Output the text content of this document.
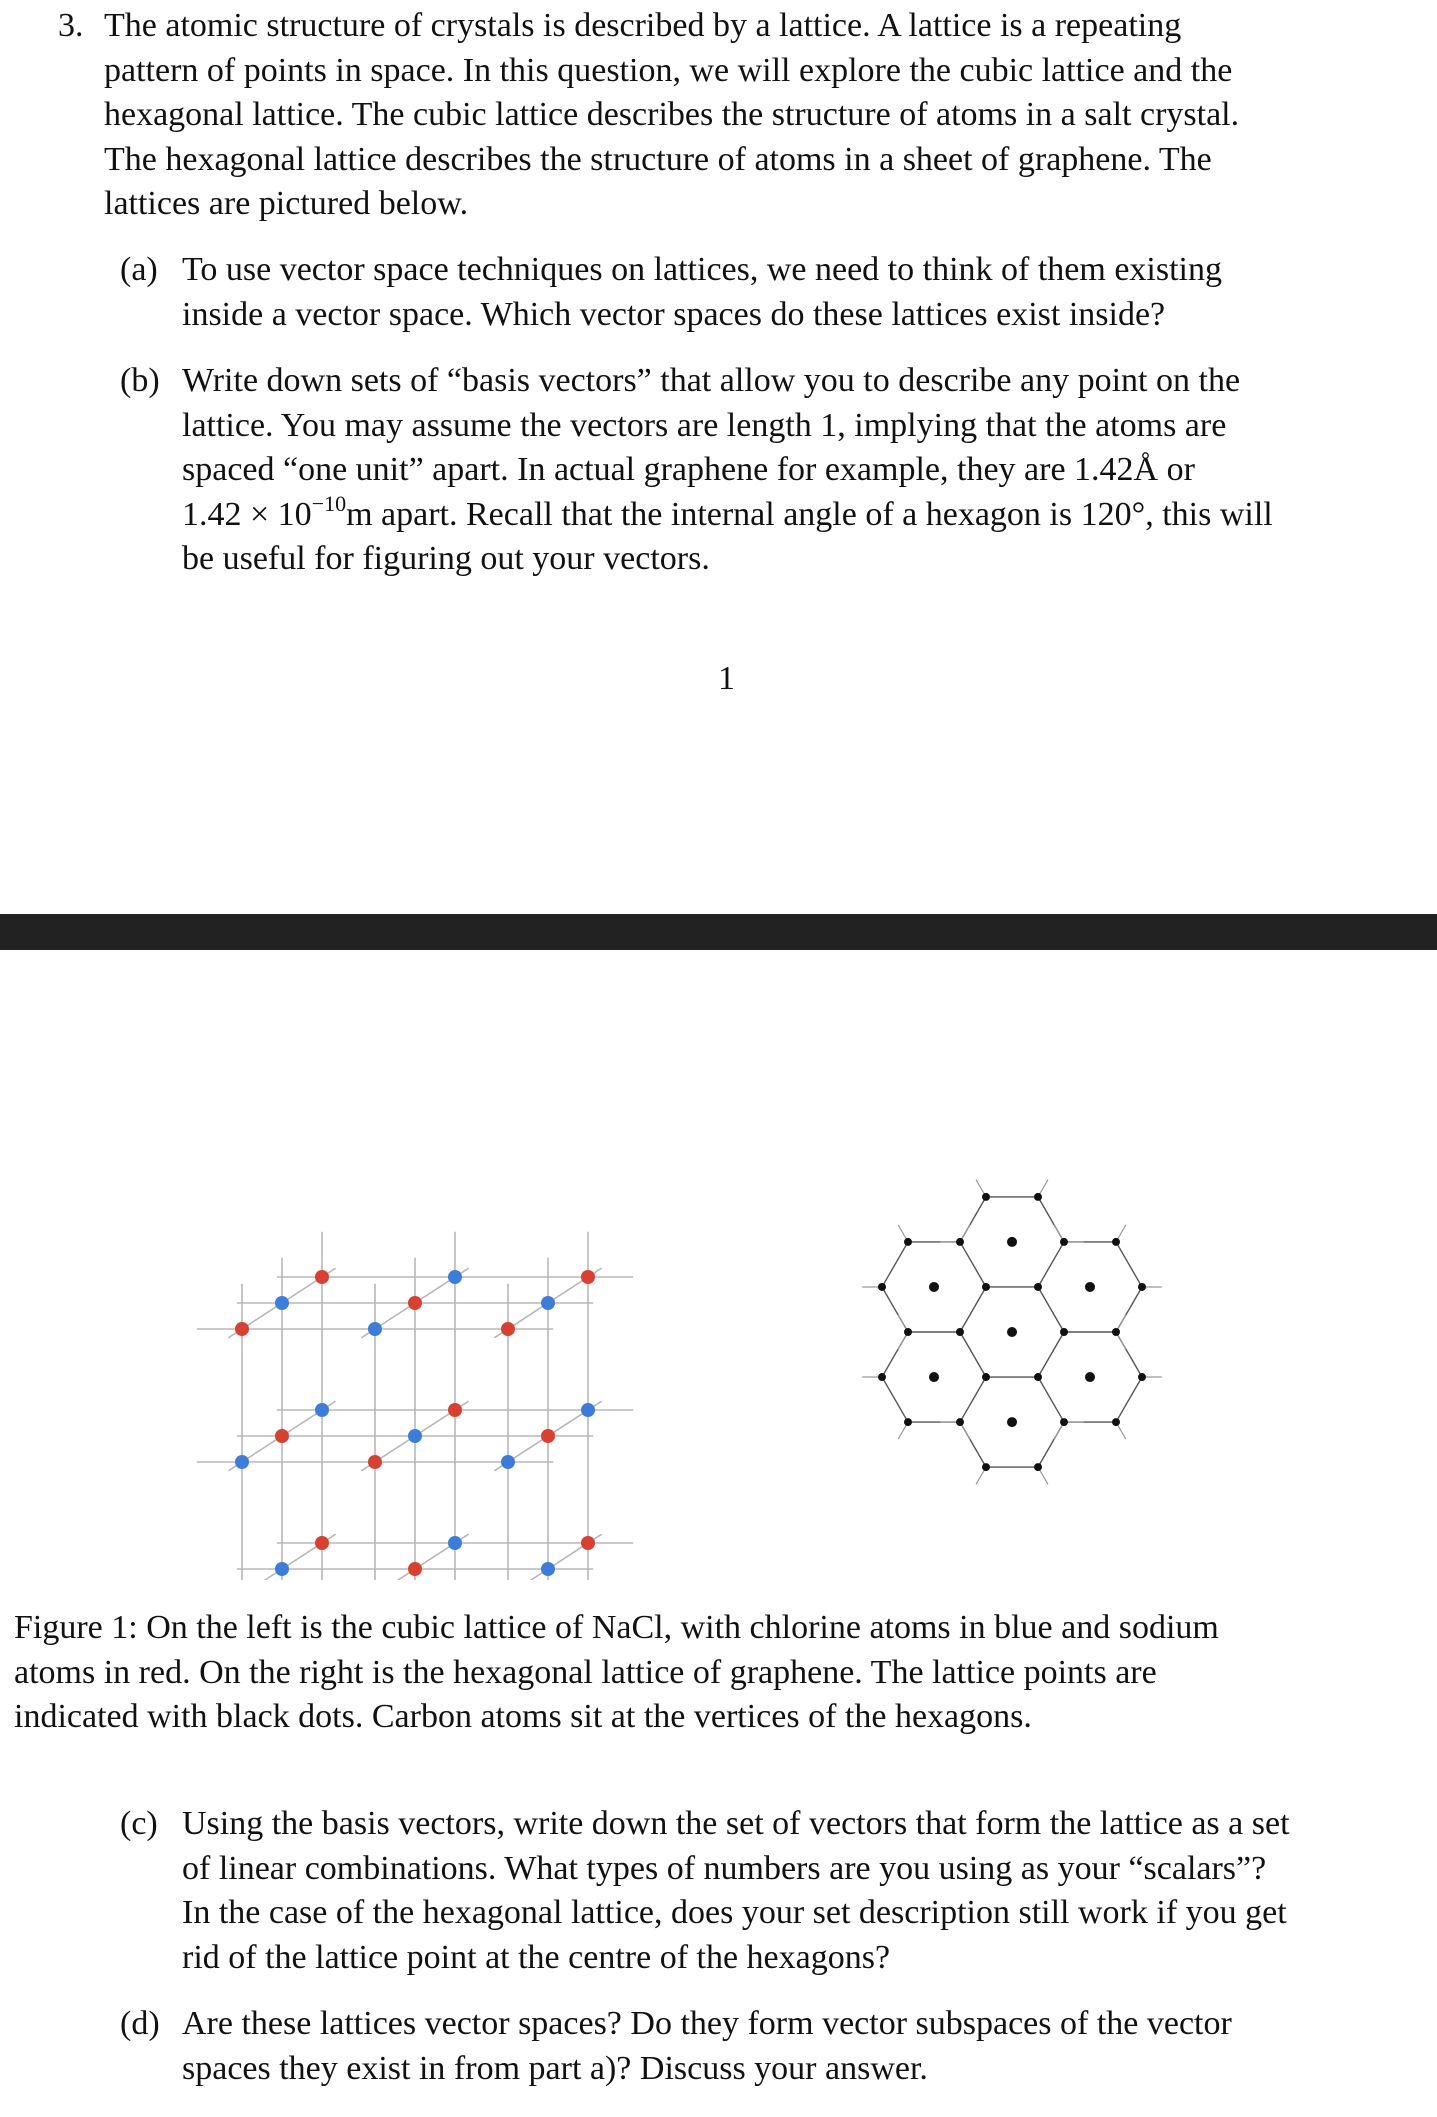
3. The atomic structure of crystals is described by a lattice. A lattice is a repeating
pattern of points in space. In this question, we will explore the cubic lattice and the
hexagonal lattice. The cubic lattice describes the structure of atoms in a salt crystal.
The hexagonal lattice describes the structure of atoms in a sheet of graphene. The
lattices are pictured below.
(a) To use vector space techniques on lattices, we need to think of them existing
inside a vector space. Which vector spaces do these lattices exist inside?
(b) Write down sets of “basis vectors” that allow you to describe any point on the
lattice. You may assume the vectors are length 1, implying that the atoms are
spaced “one unit” apart. In actual graphene for example, they are 1.42Å or
$1.42 \times 10^{-10}m$ apart. Recall that the internal angle of a hexagon is 120°, this will
be useful for figuring out your vectors.
1
Figure 1: On the left is the cubic lattice of NaCl, with chlorine atoms in blue and sodium
atoms in red. On the right is the hexagonal lattice of graphene. The lattice points are
indicated with black dots. Carbon atoms sit at the vertices of the hexagons.
(c) Using the basis vectors, write down the set of vectors that form the lattice as a set
of linear combinations. What types of numbers are you using as your “scalars”?
In the case of the hexagonal lattice, does your set description still work if you get
rid of the lattice point at the centre of the hexagons?
(d) Are these lattices vector spaces? Do they form vector subspaces of the vector
spaces they exist in from part a)? Discuss your answer.
